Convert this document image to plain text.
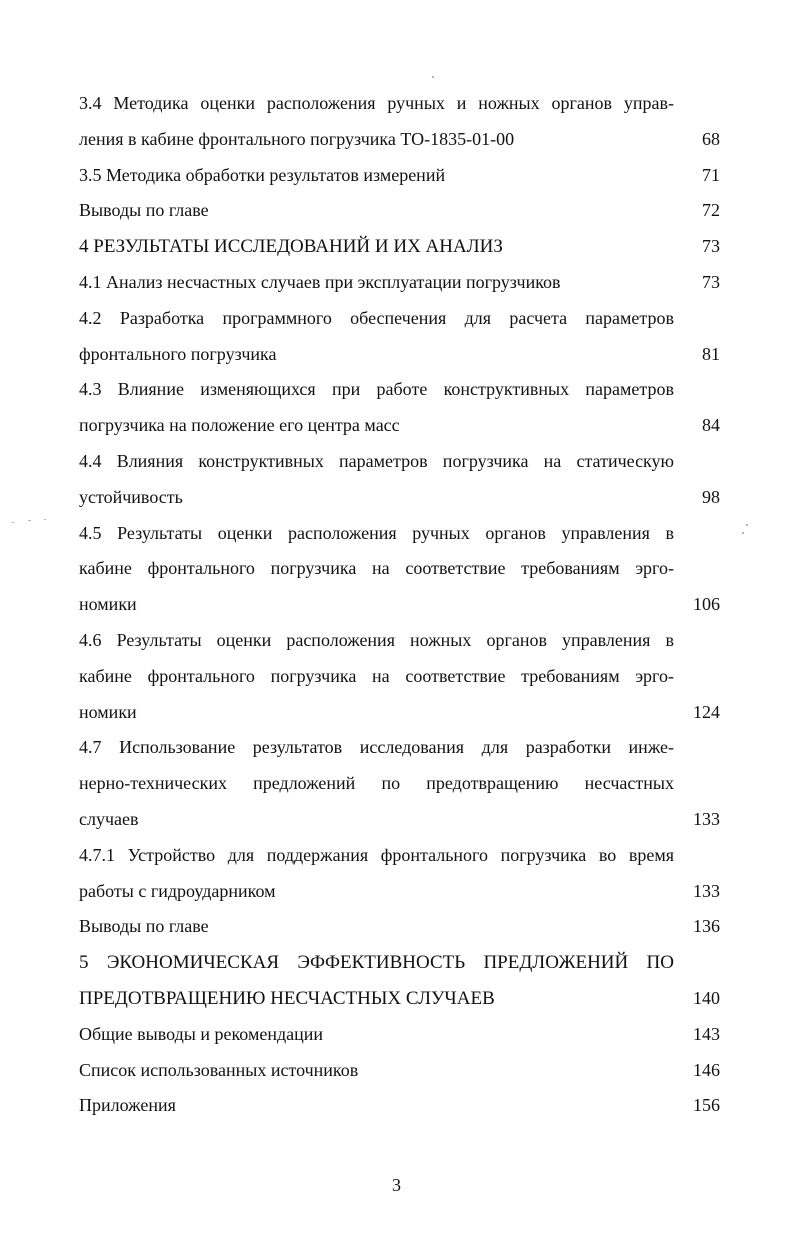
3.4 Методика оценки расположения ручных и ножных органов управ-
ления в кабине фронтального погрузчика ТО-1835-01-00	68
3.5 Методика обработки результатов измерений	71
Выводы по главе	72
4 РЕЗУЛЬТАТЫ ИССЛЕДОВАНИЙ И ИХ АНАЛИЗ	73
4.1 Анализ несчастных случаев при эксплуатации погрузчиков	73
4.2 Разработка программного обеспечения для расчета параметров
фронтального погрузчика	81
4.3 Влияние изменяющихся при работе конструктивных параметров
погрузчика на положение его центра масс	84
4.4 Влияния конструктивных параметров погрузчика на статическую
устойчивость	98
4.5 Результаты оценки расположения ручных органов управления в
кабине фронтального погрузчика на соответствие требованиям эрго-
номики	106
4.6 Результаты оценки расположения ножных органов управления в
кабине фронтального погрузчика на соответствие требованиям эрго-
номики	124
4.7 Использование результатов исследования для разработки инже-
нерно-технических предложений по предотвращению несчастных
случаев	133
4.7.1 Устройство для поддержания фронтального погрузчика во время
работы с гидроударником	133
Выводы по главе	136
5 ЭКОНОМИЧЕСКАЯ ЭФФЕКТИВНОСТЬ ПРЕДЛОЖЕНИЙ ПО
ПРЕДОТВРАЩЕНИЮ НЕСЧАСТНЫХ СЛУЧАЕВ	140
Общие выводы и рекомендации	143
Список использованных источников	146
Приложения	156
3
